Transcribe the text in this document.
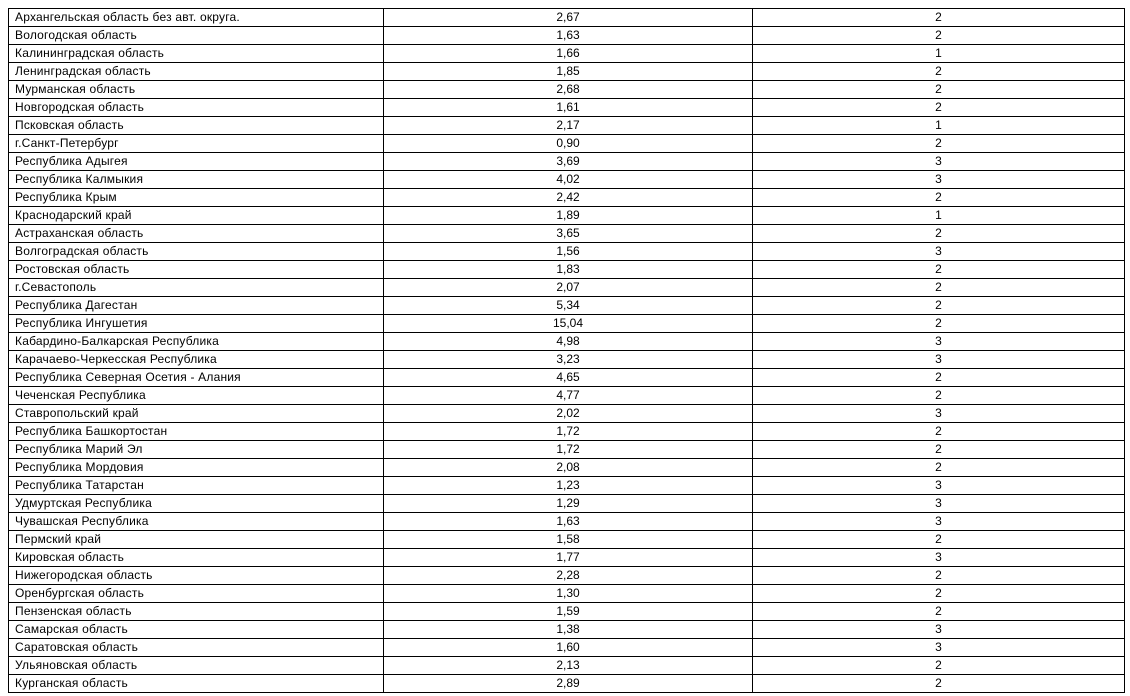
Архангельская область без авт. округа.	2,67	2
Вологодская область	1,63	2
Калининградская область	1,66	1
Ленинградская область	1,85	2
Мурманская область	2,68	2
Новгородская область	1,61	2
Псковская область	2,17	1
г.Санкт-Петербург	0,90	2
Республика Адыгея	3,69	3
Республика Калмыкия	4,02	3
Республика Крым	2,42	2
Краснодарский край	1,89	1
Астраханская область	3,65	2
Волгоградская область	1,56	3
Ростовская область	1,83	2
г.Севастополь	2,07	2
Республика Дагестан	5,34	2
Республика Ингушетия	15,04	2
Кабардино-Балкарская Республика	4,98	3
Карачаево-Черкесская Республика	3,23	3
Республика Северная Осетия - Алания	4,65	2
Чеченская Республика	4,77	2
Ставропольский край	2,02	3
Республика Башкортостан	1,72	2
Республика Марий Эл	1,72	2
Республика Мордовия	2,08	2
Республика Татарстан	1,23	3
Удмуртская Республика	1,29	3
Чувашская Республика	1,63	3
Пермский край	1,58	2
Кировская область	1,77	3
Нижегородская область	2,28	2
Оренбургская область	1,30	2
Пензенская область	1,59	2
Самарская область	1,38	3
Саратовская область	1,60	3
Ульяновская область	2,13	2
Курганская область	2,89	2
